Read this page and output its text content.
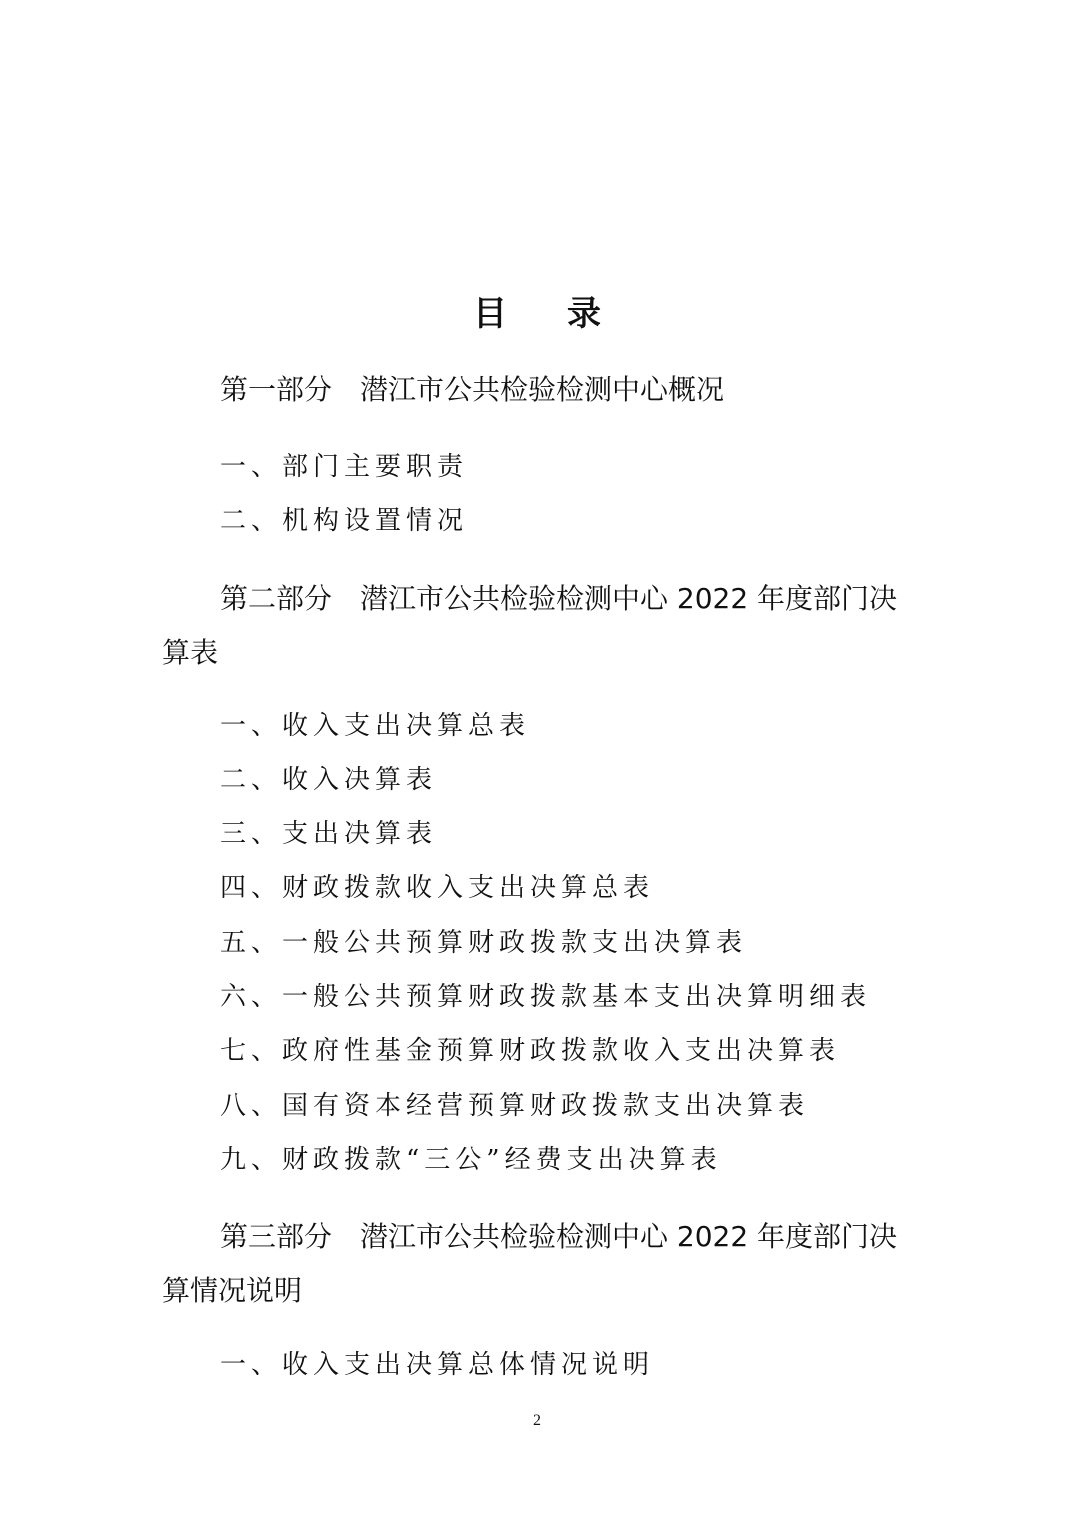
目录

第一部分　潜江市公共检验检测中心概况

一、部门主要职责
二、机构设置情况

第二部分　潜江市公共检验检测中心 2022 年度部门决算表

一、收入支出决算总表
二、收入决算表
三、支出决算表
四、财政拨款收入支出决算总表
五、一般公共预算财政拨款支出决算表
六、一般公共预算财政拨款基本支出决算明细表
七、政府性基金预算财政拨款收入支出决算表
八、国有资本经营预算财政拨款支出决算表
九、财政拨款“三公”经费支出决算表

第三部分　潜江市公共检验检测中心 2022 年度部门决算情况说明

一、收入支出决算总体情况说明
2
